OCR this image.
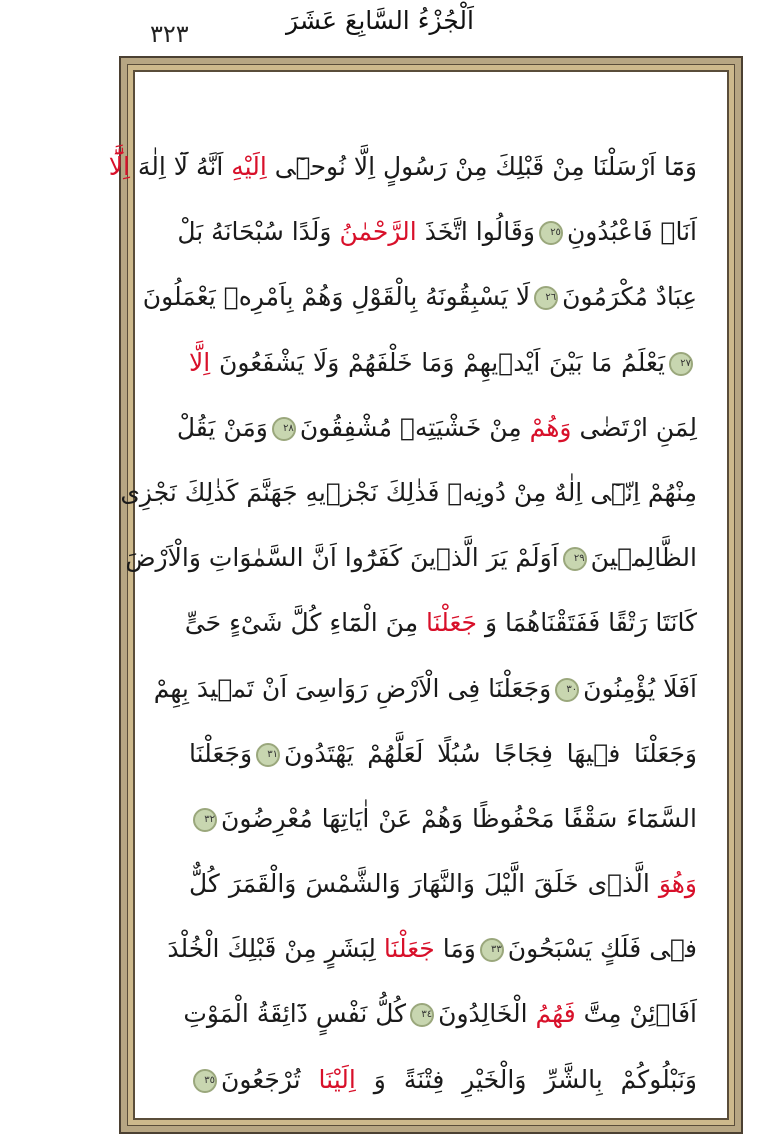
٣٢٣	اَلْجُزْءُ السَّابِعَ عَشَرَ
وَمَٓا اَرْسَلْنَا مِنْ قَبْلِكَ مِنْ رَسُولٍ اِلَّا نُوحٖٓى اِلَيْهِ اَنَّهُ لَٓا اِلٰهَ اِلَّٓا
اَنَا۬ فَاعْبُدُونِ٢٥وَقَالُوا اتَّخَذَ الرَّحْمٰنُ وَلَدًا سُبْحَانَهُ بَلْ
عِبَادٌ مُكْرَمُونَ٢٦لَا يَسْبِقُونَهُ بِالْقَوْلِ وَهُمْ بِاَمْرِهٖ يَعْمَلُونَ
٢٧يَعْلَمُ مَا بَيْنَ اَيْدٖيهِمْ وَمَا خَلْفَهُمْ وَلَا يَشْفَعُونَ اِلَّا
لِمَنِ ارْتَضٰى وَهُمْ مِنْ خَشْيَتِهٖ مُشْفِقُونَ٢٨وَمَنْ يَقُلْ
مِنْهُمْ اِنّٖٓى اِلٰهٌ مِنْ دُونِهٖ فَذٰلِكَ نَجْزٖيهِ جَهَنَّمَ كَذٰلِكَ نَجْزِى
الظَّالِمٖينَ٢٩اَوَلَمْ يَرَ الَّذٖينَ كَفَرُٓوا اَنَّ السَّمٰوَاتِ وَالْاَرْضَ
كَانَتَا رَتْقًا فَفَتَقْنَاهُمَا وَ جَعَلْنَا مِنَ الْمَٓاءِ كُلَّ شَیْءٍ حَیٍّ
اَفَلَا يُؤْمِنُونَ٣٠وَجَعَلْنَا فِى الْاَرْضِ رَوَاسِىَ اَنْ تَمٖيدَ بِهِمْ
وَجَعَلْنَا فٖيهَا فِجَاجًا سُبُلًا لَعَلَّهُمْ يَهْتَدُونَ٣١وَجَعَلْنَا
السَّمَٓاءَ سَقْفًا مَحْفُوظًا وَهُمْ عَنْ اٰيَاتِهَا مُعْرِضُونَ٣٢
وَهُوَ الَّذٖى خَلَقَ الَّيْلَ وَالنَّهَارَ وَالشَّمْسَ وَالْقَمَرَ كُلٌّ
فٖى فَلَكٍ يَسْبَحُونَ٣٣وَمَا جَعَلْنَا لِبَشَرٍ مِنْ قَبْلِكَ الْخُلْدَ
اَفَا۬ئِنْ مِتَّ فَهُمُ الْخَالِدُونَ٣٤كُلُّ نَفْسٍ ذَٓائِقَةُ الْمَوْتِ
وَنَبْلُوكُمْ بِالشَّرِّ وَالْخَيْرِ فِتْنَةً وَ اِلَيْنَا تُرْجَعُونَ٣٥
